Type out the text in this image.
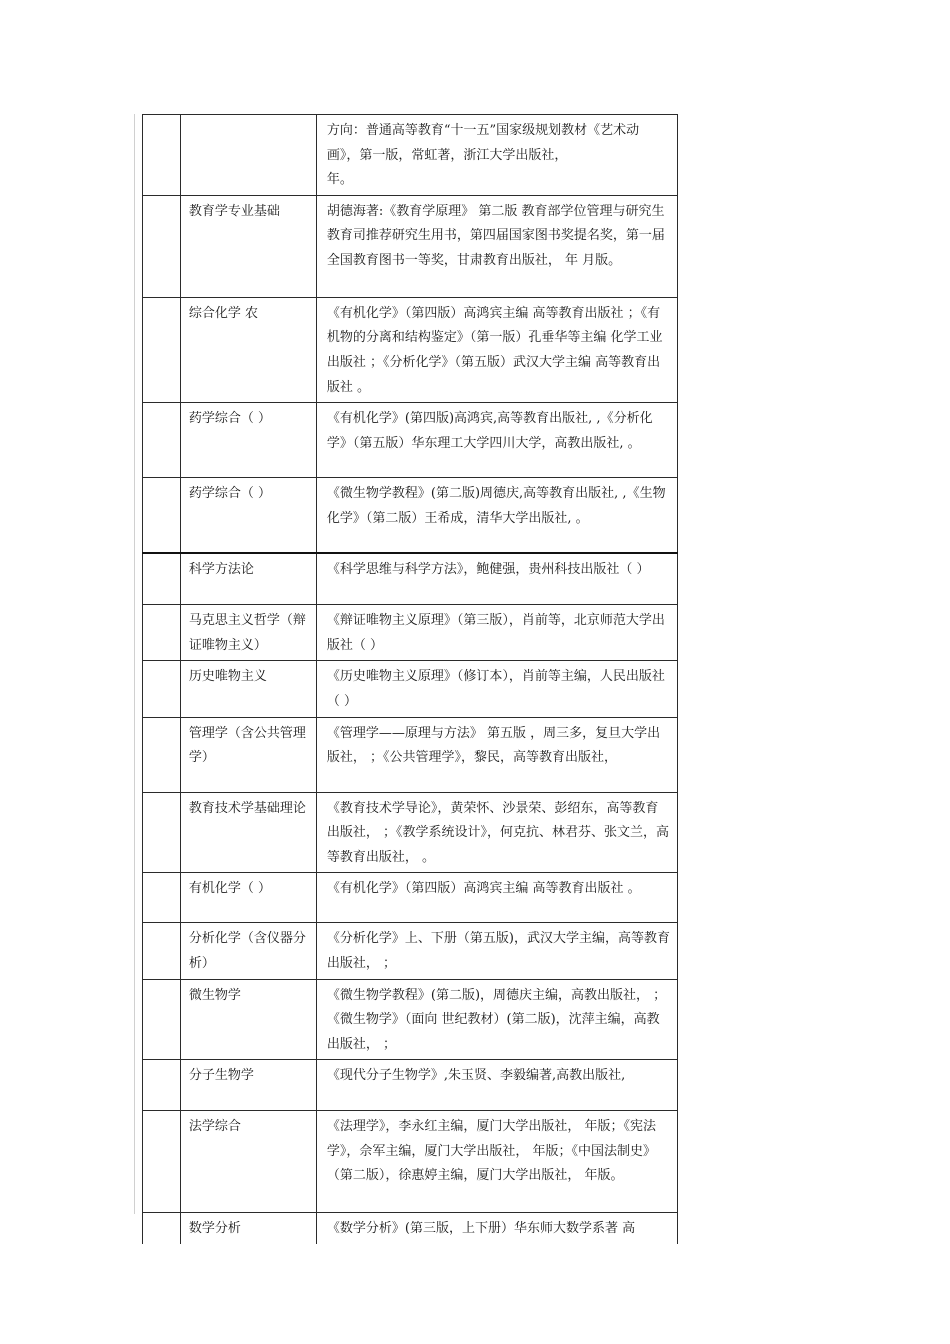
		方向：普通高等教育“十一五”国家级规划教材《艺术动画》，第一版，常虹著，浙江大学出版社，
年。
	教育学专业基础	胡德海著:《教育学原理》 第二版 教育部学位管理与研究生教育司推荐研究生用书，第四届国家图书奖提名奖，第一届全国教育图书一等奖，甘肃教育出版社， 年 月版。
	综合化学 农	《有机化学》（第四版）高鸿宾主编 高等教育出版社 ；《有机物的分离和结构鉴定》（第一版）孔垂华等主编 化学工业出版社 ；《分析化学》（第五版）武汉大学主编 高等教育出版社 。
	药学综合（ ）	《有机化学》(第四版)高鸿宾,高等教育出版社, ,《分析化学》（第五版）华东理工大学四川大学，高教出版社, 。
	药学综合（ ）	《微生物学教程》(第二版)周德庆,高等教育出版社, ,《生物化学》（第二版）王希成，清华大学出版社, 。
	科学方法论	《科学思维与科学方法》，鲍健强，贵州科技出版社（ ）
	马克思主义哲学（辩证唯物主义）	《辩证唯物主义原理》（第三版），肖前等，北京师范大学出版社（ ）
	历史唯物主义	《历史唯物主义原理》（修订本），肖前等主编，人民出版社（ ）
	管理学（含公共管理学）	《管理学——原理与方法》 第五版 ，周三多，复旦大学出版社， ；《公共管理学》，黎民，高等教育出版社，
	教育技术学基础理论	《教育技术学导论》，黄荣怀、沙景荣、彭绍东，高等教育出版社， ；《教学系统设计》，何克抗、林君芬、张文兰，高等教育出版社， 。
	有机化学（ ）	《有机化学》（第四版）高鸿宾主编 高等教育出版社 。
	分析化学（含仪器分析）	《分析化学》上、下册（第五版)，武汉大学主编，高等教育出版社， ；
	微生物学	《微生物学教程》(第二版)，周德庆主编，高教出版社， ；《微生物学》（面向 世纪教材）(第二版)，沈萍主编，高教出版社， ；
	分子生物学	《现代分子生物学》,朱玉贤、李毅编著,高教出版社,
	法学综合	《法理学》，李永红主编，厦门大学出版社， 年版；《宪法学》，佘军主编，厦门大学出版社， 年版；《中国法制史》（第二版），徐惠婷主编，厦门大学出版社， 年版。
	数学分析	《数学分析》(第三版，上下册）华东师大数学系著 高
